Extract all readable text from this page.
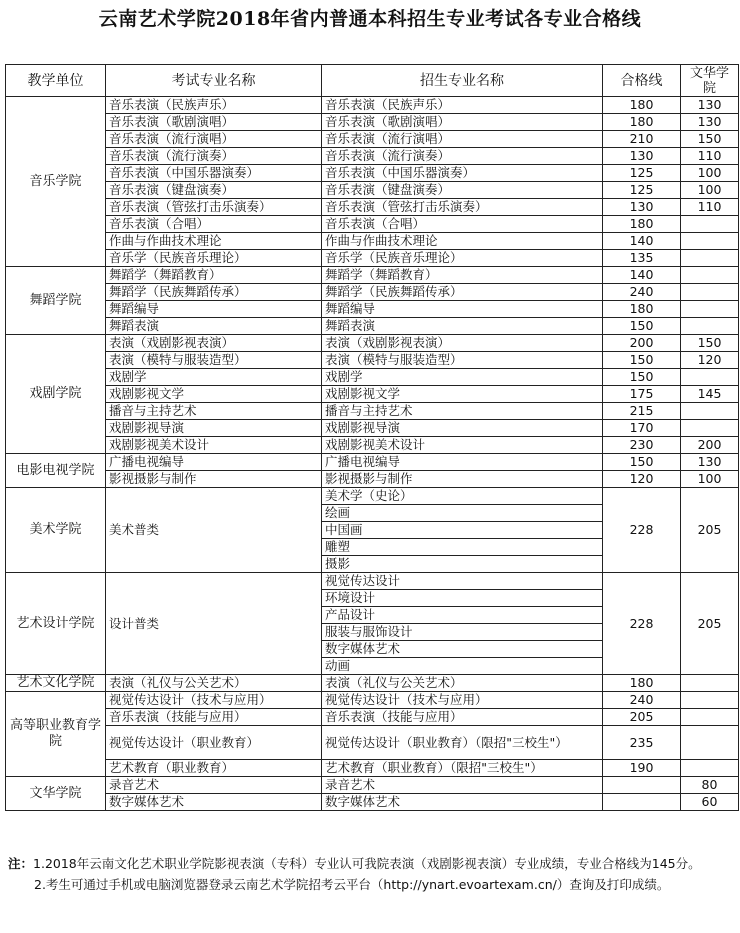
云南艺术学院2018年省内普通本科招生专业考试各专业合格线
教学单位	考试专业名称	招生专业名称	合格线	文华学院
音乐学院	音乐表演（民族声乐）	音乐表演（民族声乐）	180	130
	音乐表演（歌剧演唱）	音乐表演（歌剧演唱）	180	130
	音乐表演（流行演唱）	音乐表演（流行演唱）	210	150
	音乐表演（流行演奏）	音乐表演（流行演奏）	130	110
	音乐表演（中国乐器演奏）	音乐表演（中国乐器演奏）	125	100
	音乐表演（键盘演奏）	音乐表演（键盘演奏）	125	100
	音乐表演（管弦打击乐演奏）	音乐表演（管弦打击乐演奏）	130	110
	音乐表演（合唱）	音乐表演（合唱）	180	
	作曲与作曲技术理论	作曲与作曲技术理论	140	
	音乐学（民族音乐理论）	音乐学（民族音乐理论）	135	
舞蹈学院	舞蹈学（舞蹈教育）	舞蹈学（舞蹈教育）	140	
	舞蹈学（民族舞蹈传承）	舞蹈学（民族舞蹈传承）	240	
	舞蹈编导	舞蹈编导	180	
	舞蹈表演	舞蹈表演	150	
戏剧学院	表演（戏剧影视表演）	表演（戏剧影视表演）	200	150
	表演（模特与服装造型）	表演（模特与服装造型）	150	120
	戏剧学	戏剧学	150	
	戏剧影视文学	戏剧影视文学	175	145
	播音与主持艺术	播音与主持艺术	215	
	戏剧影视导演	戏剧影视导演	170	
	戏剧影视美术设计	戏剧影视美术设计	230	200
电影电视学院	广播电视编导	广播电视编导	150	130
	影视摄影与制作	影视摄影与制作	120	100
美术学院	美术普类	美术学（史论）	228	205
		绘画		
		中国画		
		雕塑		
		摄影		
艺术设计学院	设计普类	视觉传达设计	228	205
		环境设计		
		产品设计		
		服装与服饰设计		
		数字媒体艺术		
		动画		
艺术文化学院	表演（礼仪与公关艺术）	表演（礼仪与公关艺术）	180	
高等职业教育学院	视觉传达设计（技术与应用）	视觉传达设计（技术与应用）	240	
	音乐表演（技能与应用）	音乐表演（技能与应用）	205	
	视觉传达设计（职业教育）	视觉传达设计（职业教育）（限招"三校生"）	235	
	艺术教育（职业教育）	艺术教育（职业教育）（限招"三校生"）	190	
文华学院	录音艺术	录音艺术		80
	数字媒体艺术	数字媒体艺术		60
注：1.2018年云南文化艺术职业学院影视表演（专科）专业认可我院表演（戏剧影视表演）专业成绩，专业合格线为145分。
2.考生可通过手机或电脑浏览器登录云南艺术学院招考云平台（http://ynart.evoartexam.cn/）查询及打印成绩。
